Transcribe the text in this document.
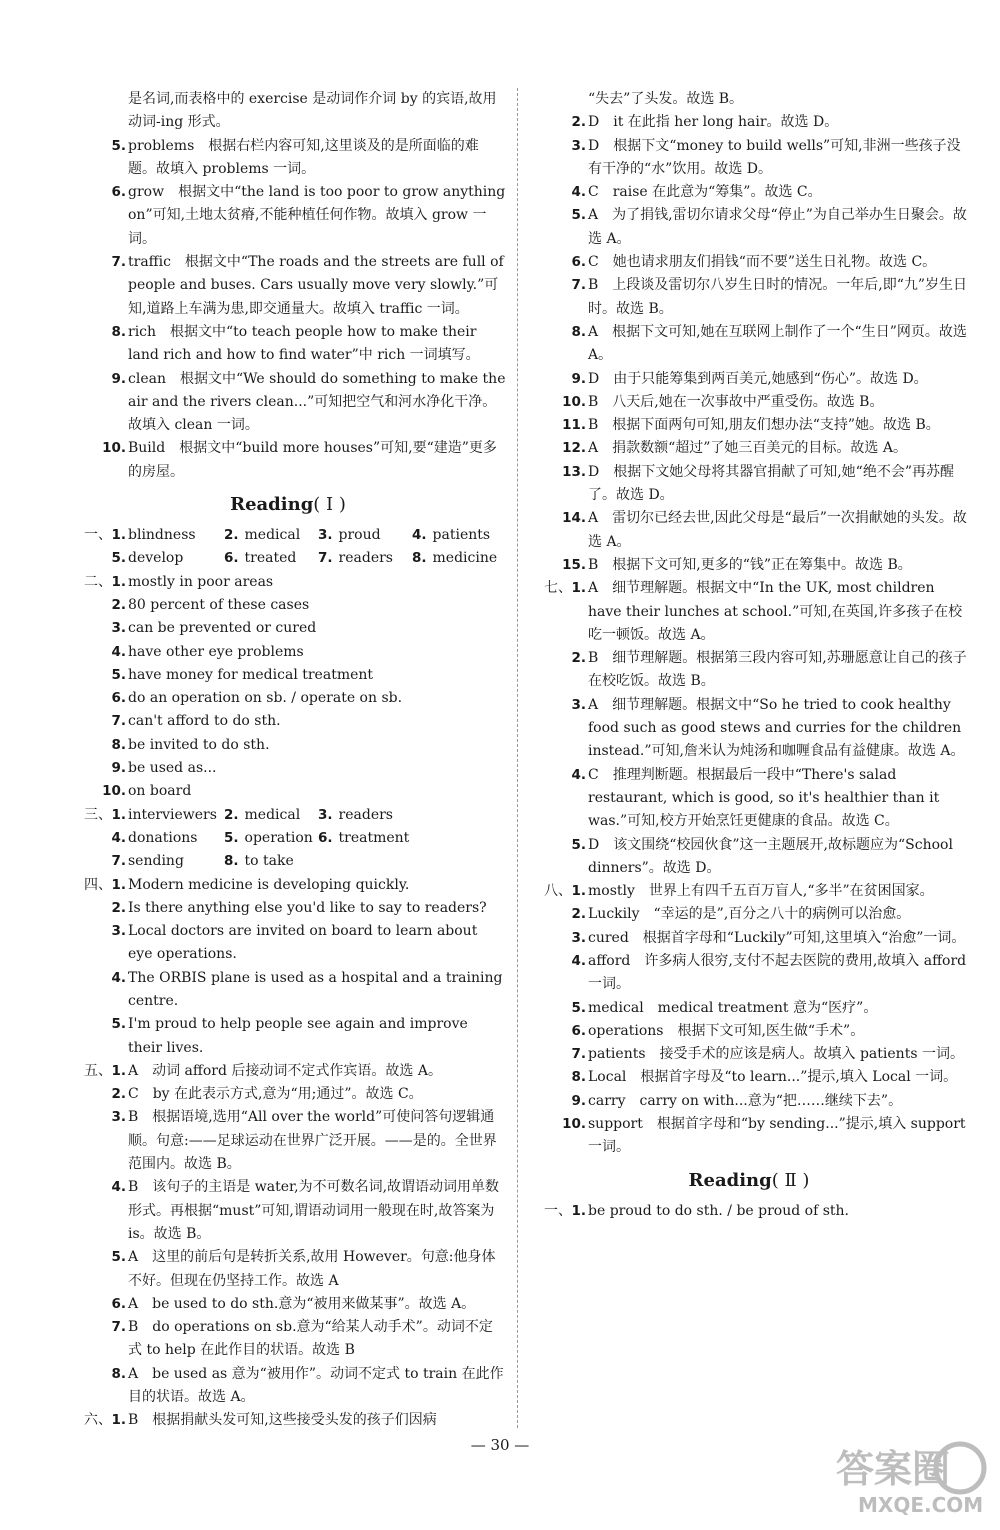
是名词,而表格中的 exercise 是动词作介词 by 的宾语,故用动词-ing 形式。
5. problems　根据右栏内容可知,这里谈及的是所面临的难题。故填入 problems 一词。
6. grow　根据文中“the land is too poor to grow anything on”可知,土地太贫瘠,不能种植任何作物。故填入 grow 一词。
7. traffic　根据文中“The roads and the streets are full of people and buses. Cars usually move very slowly.”可知,道路上车满为患,即交通量大。故填入 traffic 一词。
8. rich　根据文中“to teach people how to make their land rich and how to find water”中 rich 一词填写。
9. clean　根据文中“We should do something to make the air and the rivers clean...”可知把空气和河水净化干净。故填入 clean 一词。
10. Build　根据文中“build more houses”可知,要“建造”更多的房屋。
Reading( Ⅰ )
一、 1. blindness	2. medical	3. proud	4. patients
5. develop	6. treated	7. readers	8. medicine
二、 1. mostly in poor areas
2. 80 percent of these cases
3. can be prevented or cured
4. have other eye problems
5. have money for medical treatment
6. do an operation on sb. / operate on sb.
7. can't afford to do sth.
8. be invited to do sth.
9. be used as...
10. on board
三、 1. interviewers 2. medical	3. readers
4. donations	5. operation 6. treatment
7. sending	8. to take
四、 1. Modern medicine is developing quickly.
2. Is there anything else you'd like to say to readers?
3. Local doctors are invited on board to learn about eye operations.
4. The ORBIS plane is used as a hospital and a training centre.
5. I'm proud to help people see again and improve their lives.
五、 1. A　动词 afford 后接动词不定式作宾语。故选 A。
2. C　by 在此表示方式,意为“用;通过”。故选 C。
3. B　根据语境,选用“All over the world”可使问答句逻辑通顺。句意:——足球运动在世界广泛开展。——是的。全世界范围内。故选 B。
4. B　该句子的主语是 water,为不可数名词,故谓语动词用单数形式。再根据“must”可知,谓语动词用一般现在时,故答案为 is。故选 B。
5. A　这里的前后句是转折关系,故用 However。句意:他身体不好。但现在仍坚持工作。故选 A
6. A　be used to do sth.意为“被用来做某事”。故选 A。
7. B　do operations on sb.意为“给某人动手术”。动词不定式 to help 在此作目的状语。故选 B
8. A　be used as 意为“被用作”。动词不定式 to train 在此作目的状语。故选 A。
六、 1. B　根据捐献头发可知,这些接受头发的孩子们因病
“失去”了头发。故选 B。
2. D　it 在此指 her long hair。故选 D。
3. D　根据下文“money to build wells”可知,非洲一些孩子没有干净的“水”饮用。故选 D。
4. C　raise 在此意为“筹集”。故选 C。
5. A　为了捐钱,雷切尔请求父母“停止”为自己举办生日聚会。故选 A。
6. C　她也请求朋友们捐钱“而不要”送生日礼物。故选 C。
7. B　上段谈及雷切尔八岁生日时的情况。一年后,即“九”岁生日时。故选 B。
8. A　根据下文可知,她在互联网上制作了一个“生日”网页。故选 A。
9. D　由于只能筹集到两百美元,她感到“伤心”。故选 D。
10. B　八天后,她在一次事故中严重受伤。故选 B。
11. B　根据下面两句可知,朋友们想办法“支持”她。故选 B。
12. A　捐款数额“超过”了她三百美元的目标。故选 A。
13. D　根据下文她父母将其器官捐献了可知,她“绝不会”再苏醒了。故选 D。
14. A　雷切尔已经去世,因此父母是“最后”一次捐献她的头发。故选 A。
15. B　根据下文可知,更多的“钱”正在筹集中。故选 B。
七、 1. A　细节理解题。根据文中“In the UK, most children have their lunches at school.”可知,在英国,许多孩子在校吃一顿饭。故选 A。
2. B　细节理解题。根据第三段内容可知,苏珊愿意让自己的孩子在校吃饭。故选 B。
3. A　细节理解题。根据文中“So he tried to cook healthy food such as good stews and curries for the children instead.”可知,詹米认为炖汤和咖喱食品有益健康。故选 A。
4. C　推理判断题。根据最后一段中“There's salad restaurant, which is good, so it's healthier than it was.”可知,校方开始烹饪更健康的食品。故选 C。
5. D　该文围绕“校园伙食”这一主题展开,故标题应为“School dinners”。故选 D。
八、 1. mostly　世界上有四千五百万盲人,“多半”在贫困国家。
2. Luckily　“幸运的是”,百分之八十的病例可以治愈。
3. cured　根据首字母和“Luckily”可知,这里填入“治愈”一词。
4. afford　许多病人很穷,支付不起去医院的费用,故填入 afford 一词。
5. medical　medical treatment 意为“医疗”。
6. operations　根据下文可知,医生做“手术”。
7. patients　接受手术的应该是病人。故填入 patients 一词。
8. Local　根据首字母及“to learn...”提示,填入 Local 一词。
9. carry　carry on with...意为“把……继续下去”。
10. support　根据首字母和“by sending...”提示,填入 support 一词。
Reading( Ⅱ )
一、 1. be proud to do sth. / be proud of sth.
— 30 —
答案圈
MXQE.COM
